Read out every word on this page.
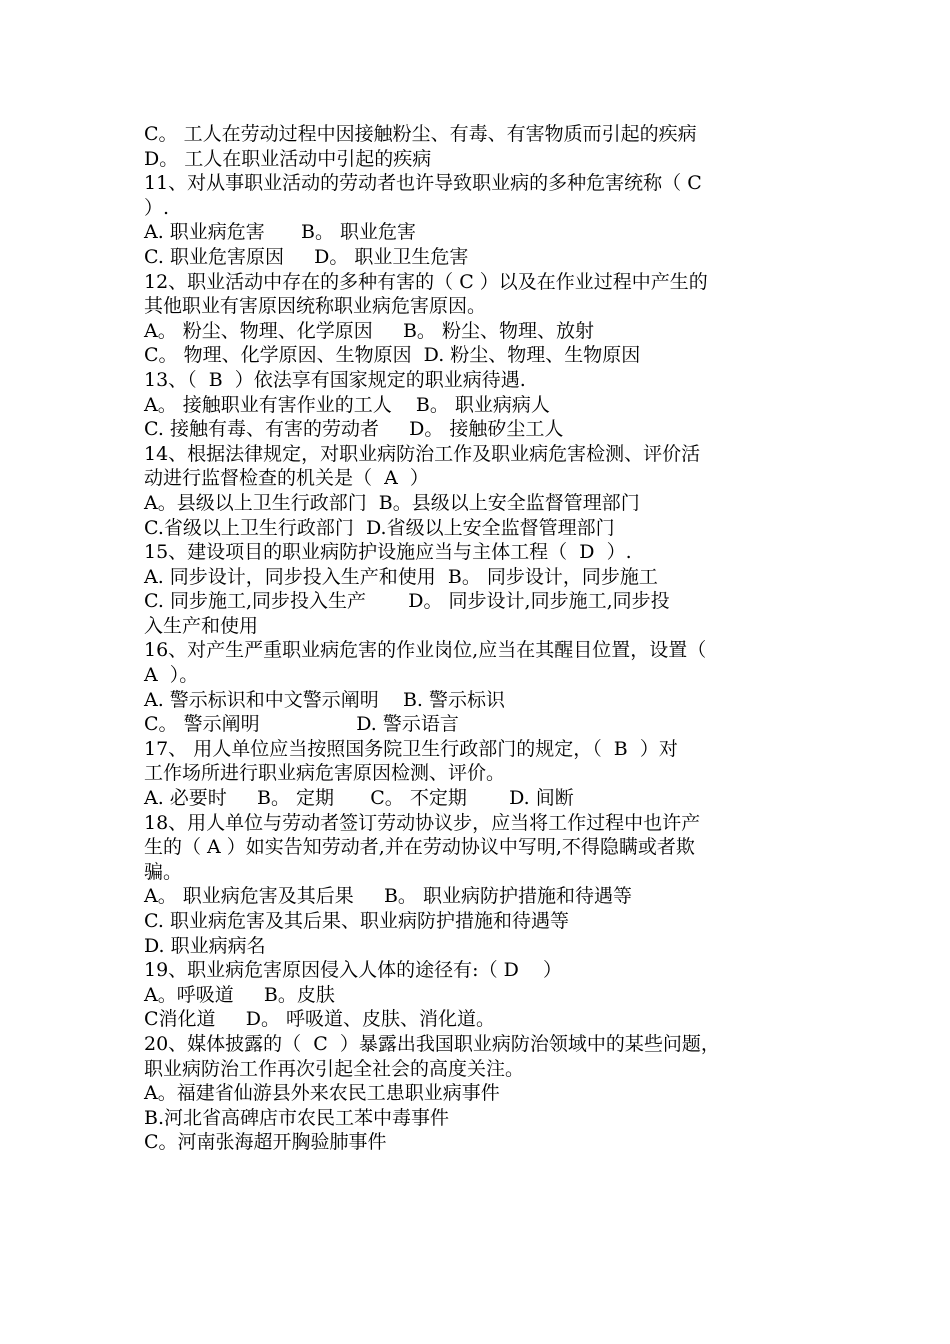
C。 工人在劳动过程中因接触粉尘、有毒、有害物质而引起的疾病
D。 工人在职业活动中引起的疾病
11、对从事职业活动的劳动者也许导致职业病的多种危害统称（ C
）.
A. 职业病危害      B。 职业危害
C. 职业危害原因     D。 职业卫生危害
12、职业活动中存在的多种有害的（ C ）以及在作业过程中产生的
其他职业有害原因统称职业病危害原因。
A。 粉尘、物理、化学原因     B。 粉尘、物理、放射
C。 物理、化学原因、生物原因  D. 粉尘、物理、生物原因
13、（  B  ）依法享有国家规定的职业病待遇.
A。 接触职业有害作业的工人    B。 职业病病人
C. 接触有毒、有害的劳动者     D。 接触矽尘工人
14、根据法律规定，对职业病防治工作及职业病危害检测、评价活
动进行监督检查的机关是（  A  ）
A。县级以上卫生行政部门  B。县级以上安全监督管理部门
C.省级以上卫生行政部门  D.省级以上安全监督管理部门
15、建设项目的职业病防护设施应当与主体工程（  D  ）.
A. 同步设计，同步投入生产和使用  B。 同步设计，同步施工
C. 同步施工,同步投入生产       D。 同步设计,同步施工,同步投
入生产和使用
16、对产生严重职业病危害的作业岗位,应当在其醒目位置，设置（
A  ）。
A. 警示标识和中文警示阐明    B. 警示标识
C。 警示阐明                D. 警示语言
17、 用人单位应当按照国务院卫生行政部门的规定，（  B  ）对
工作场所进行职业病危害原因检测、评价。
A. 必要时     B。 定期      C。 不定期       D. 间断
18、用人单位与劳动者签订劳动协议步，应当将工作过程中也许产
生的（ A ）如实告知劳动者,并在劳动协议中写明,不得隐瞒或者欺
骗。
A。 职业病危害及其后果     B。 职业病防护措施和待遇等
C. 职业病危害及其后果、职业病防护措施和待遇等
D. 职业病病名
19、职业病危害原因侵入人体的途径有:（ D    ）
A。呼吸道     B。皮肤
C消化道     D。 呼吸道、皮肤、消化道。
20、媒体披露的（  C  ）暴露出我国职业病防治领域中的某些问题，
职业病防治工作再次引起全社会的高度关注。
A。福建省仙游县外来农民工患职业病事件
B.河北省高碑店市农民工苯中毒事件
C。河南张海超开胸验肺事件
